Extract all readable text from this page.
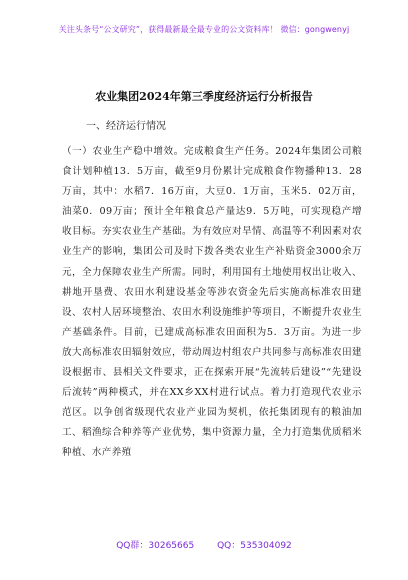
关注头条号“公文研究”，获得最新最全最专业的公文资料库！ 微信：gongwenyj
农业集团2024年第三季度经济运行分析报告
一、经济运行情况

（一）农业生产稳中增效。完成粮食生产任务。2024年集团公司粮食计划种植13．5万亩，截至9月份累计完成粮食作物播种13．28万亩，其中：水稻7．16万亩，大豆0．1万亩，玉米5．02万亩，油菜0．09万亩；预计全年粮食总产量达9．5万吨，可实现稳产增收目标。夯实农业生产基础。为有效应对旱情、高温等不利因素对农业生产的影响，集团公司及时下拨各类农业生产补贴资金3000余万元，全力保障农业生产所需。同时，利用国有土地使用权出让收入、耕地开垦费、农田水利建设基金等涉农资金先后实施高标准农田建设、农村人居环境整治、农田水利设施维护等项目，不断提升农业生产基础条件。目前，已建成高标准农田面积为5．3万亩。为进一步放大高标准农田辐射效应，带动周边村组农户共同参与高标准农田建设根据市、县相关文件要求，正在探索开展“先流转后建设”“先建设后流转”两种模式，并在XX乡XX村进行试点。着力打造现代农业示范区。以争创省级现代农业产业园为契机，依托集团现有的粮油加工、稻渔综合种养等产业优势，集中资源力量，全力打造集优质稻米种植、水产养殖

QQ群：30265665	QQ：535304092
